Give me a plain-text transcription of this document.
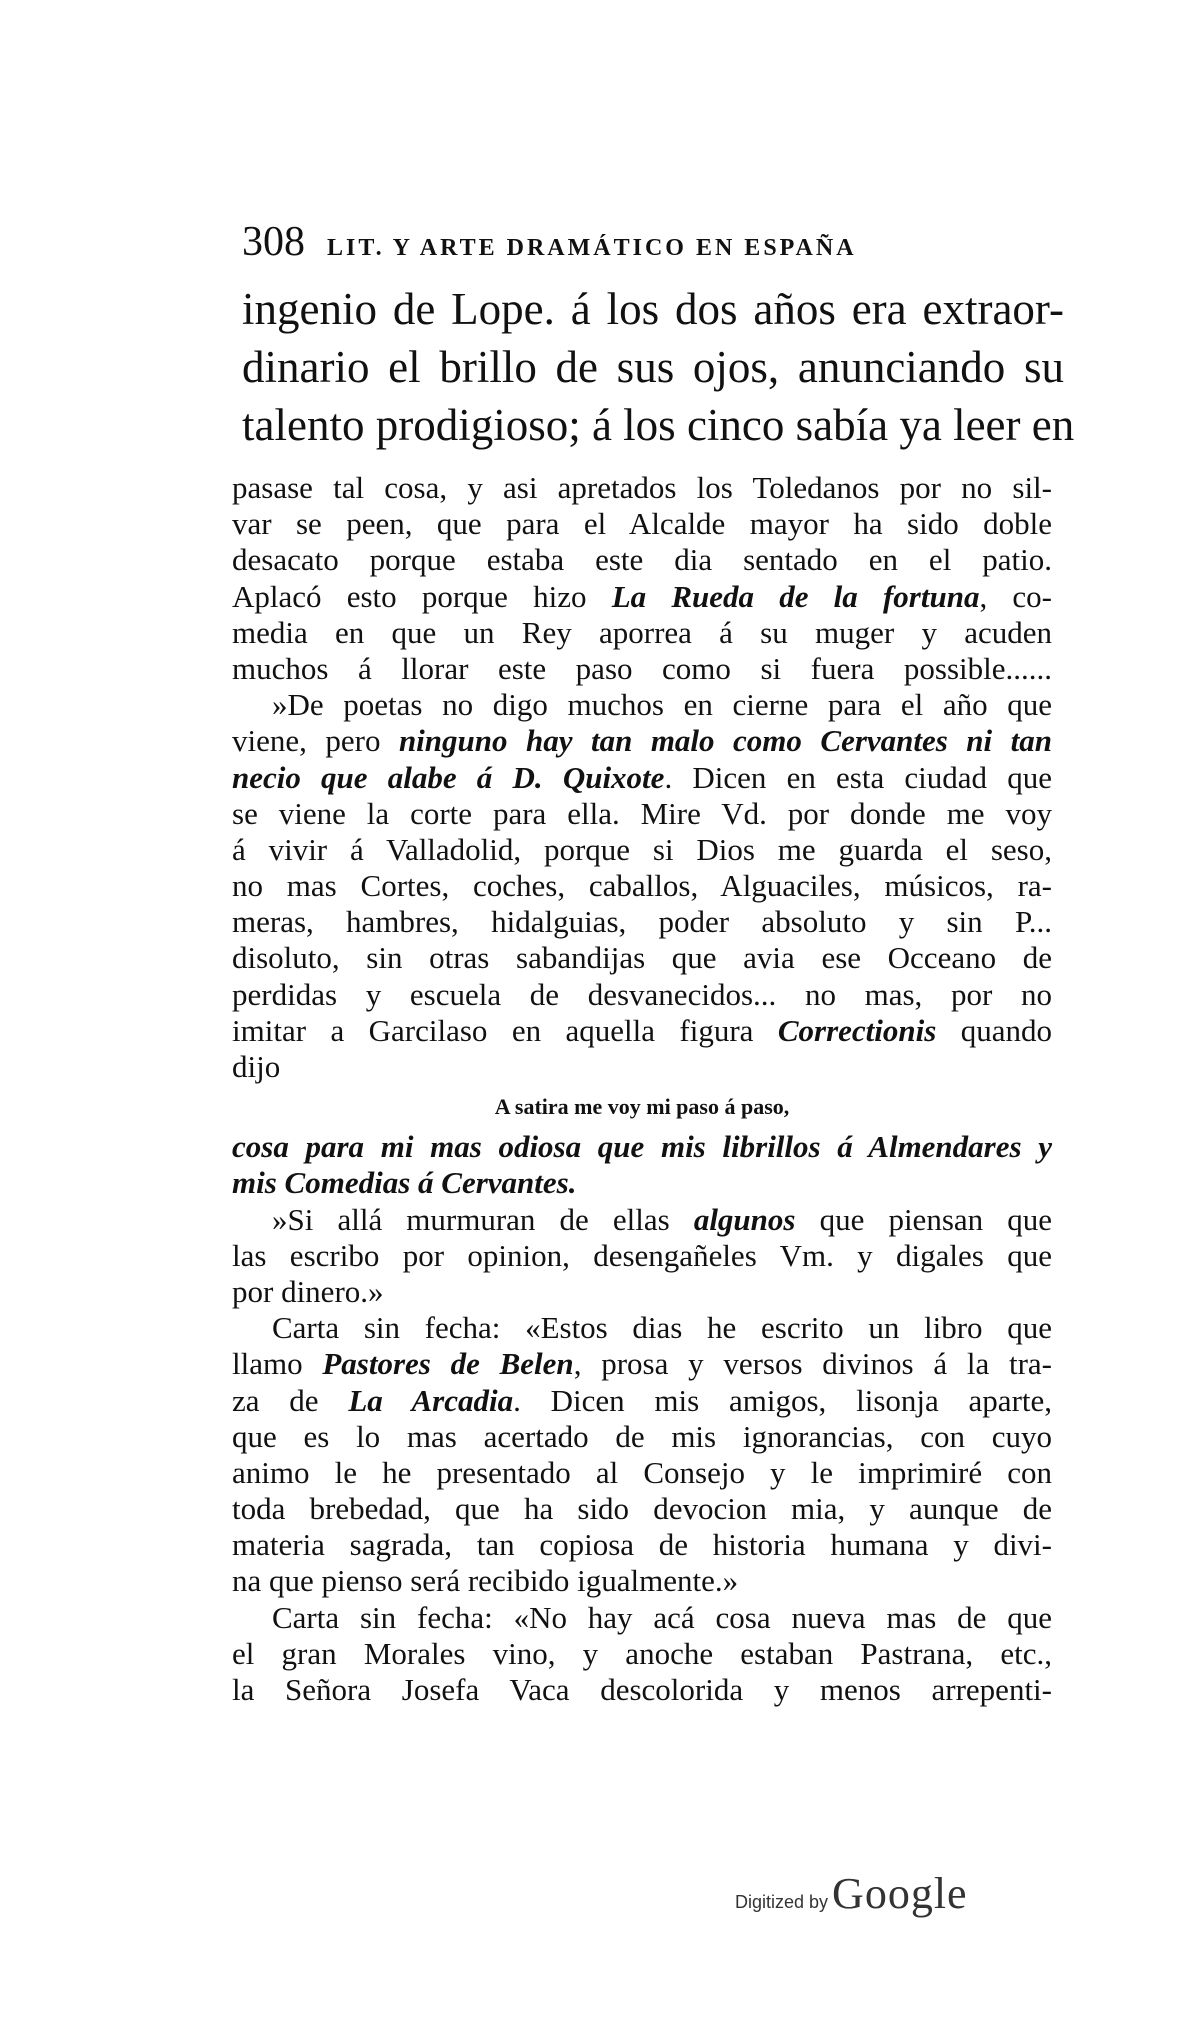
308 LIT. Y ARTE DRAMÁTICO EN ESPAÑA
ingenio de Lope. á los dos años era extraor-
dinario el brillo de sus ojos, anunciando su
talento prodigioso; á los cinco sabía ya leer en
pasase tal cosa, y asi apretados los Toledanos por no sil-
var se peen, que para el Alcalde mayor ha sido doble
desacato porque estaba este dia sentado en el patio.
Aplacó esto porque hizo La Rueda de la fortuna, co-
media en que un Rey aporrea á su muger y acuden
muchos á llorar este paso como si fuera possible......
»De poetas no digo muchos en cierne para el año que
viene, pero ninguno hay tan malo como Cervantes ni tan
necio que alabe á D. Quixote. Dicen en esta ciudad que
se viene la corte para ella. Mire Vd. por donde me voy
á vivir á Valladolid, porque si Dios me guarda el seso,
no mas Cortes, coches, caballos, Alguaciles, músicos, ra-
meras, hambres, hidalguias, poder absoluto y sin P...
disoluto, sin otras sabandijas que avia ese Occeano de
perdidas y escuela de desvanecidos... no mas, por no
imitar a Garcilaso en aquella figura Correctionis quando
dijo
A satira me voy mi paso á paso,
cosa para mi mas odiosa que mis librillos á Almendares y
mis Comedias á Cervantes.
»Si allá murmuran de ellas algunos que piensan que
las escribo por opinion, desengañeles Vm. y digales que
por dinero.»
Carta sin fecha: «Estos dias he escrito un libro que
llamo Pastores de Belen, prosa y versos divinos á la tra-
za de La Arcadia. Dicen mis amigos, lisonja aparte,
que es lo mas acertado de mis ignorancias, con cuyo
animo le he presentado al Consejo y le imprimiré con
toda brebedad, que ha sido devocion mia, y aunque de
materia sagrada, tan copiosa de historia humana y divi-
na que pienso será recibido igualmente.»
Carta sin fecha: «No hay acá cosa nueva mas de que
el gran Morales vino, y anoche estaban Pastrana, etc.,
la Señora Josefa Vaca descolorida y menos arrepenti-
Digitized by Google
